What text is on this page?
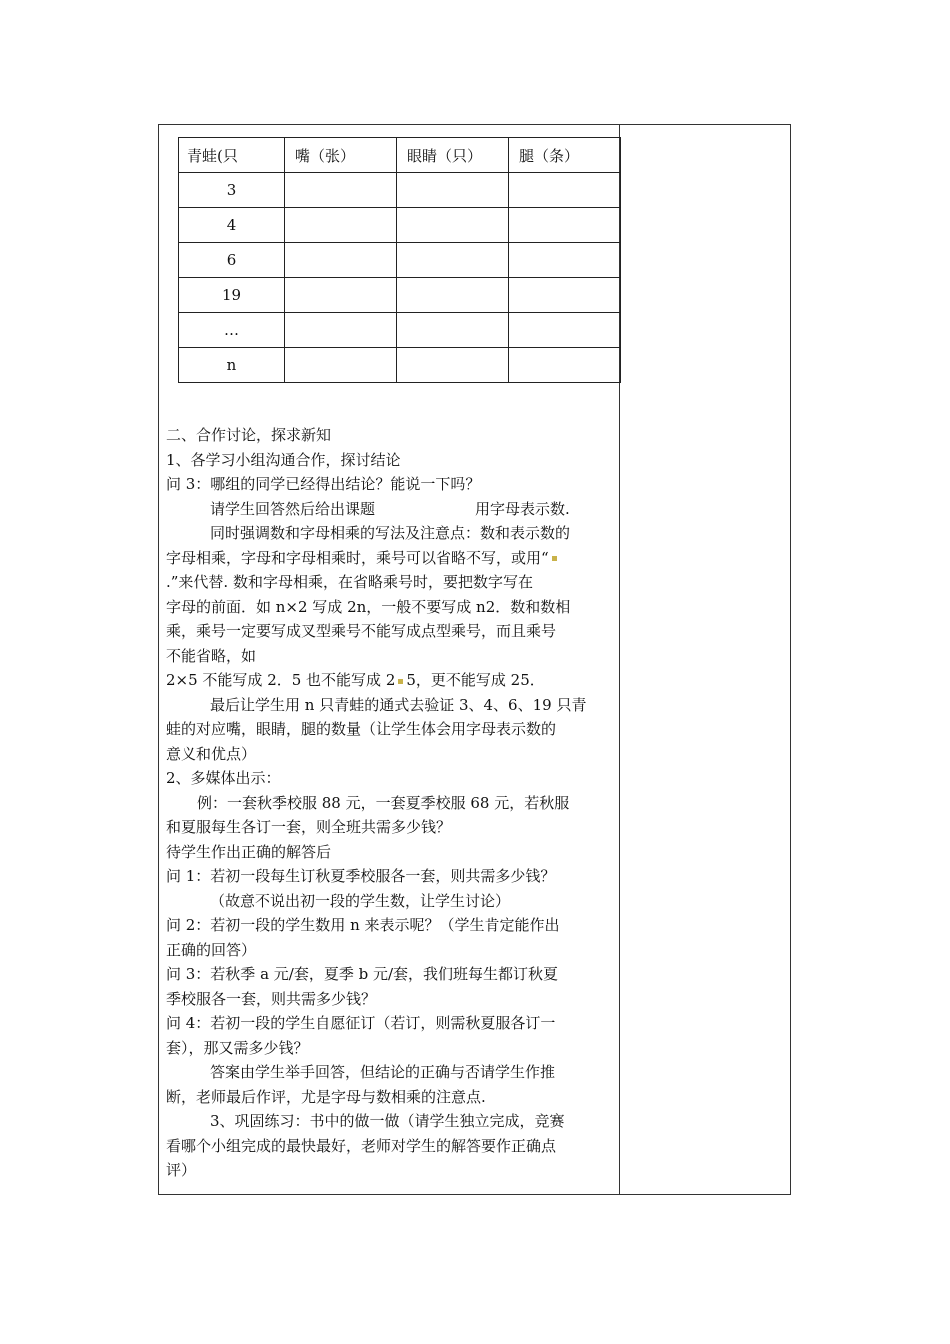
青蛙(只	嘴（张）	眼睛（只）	腿（条）
3			
4			
6			
19			
…			
n			
二、合作讨论，探求新知
1、各学习小组沟通合作，探讨结论
问 3：哪组的同学已经得出结论？能说一下吗？
请学生回答然后给出课题	用字母表示数.
同时强调数和字母相乘的写法及注意点：数和表示数的
字母相乘，字母和字母相乘时，乘号可以省略不写，或用“
.”来代替. 数和字母相乘，在省略乘号时，要把数字写在
字母的前面．如 n×2 写成 2n，一般不要写成 n2．数和数相
乘，乘号一定要写成叉型乘号不能写成点型乘号，而且乘号
不能省略，如
2×5 不能写成 2．5 也不能写成 2 5，更不能写成 25．
最后让学生用 n 只青蛙的通式去验证 3、4、6、19 只青
蛙的对应嘴，眼睛，腿的数量（让学生体会用字母表示数的
意义和优点）
2、多媒体出示：
例：一套秋季校服 88 元，一套夏季校服 68 元，若秋服
和夏服每生各订一套，则全班共需多少钱？
待学生作出正确的解答后
问 1：若初一段每生订秋夏季校服各一套，则共需多少钱？
（故意不说出初一段的学生数，让学生讨论）
问 2：若初一段的学生数用 n 来表示呢？（学生肯定能作出
正确的回答）
问 3：若秋季 a 元/套，夏季 b 元/套，我们班每生都订秋夏
季校服各一套，则共需多少钱？
问 4：若初一段的学生自愿征订（若订，则需秋夏服各订一
套），那又需多少钱？
答案由学生举手回答，但结论的正确与否请学生作推
断，老师最后作评，尤是字母与数相乘的注意点.
3、巩固练习：书中的做一做（请学生独立完成，竞赛
看哪个小组完成的最快最好，老师对学生的解答要作正确点
评）
